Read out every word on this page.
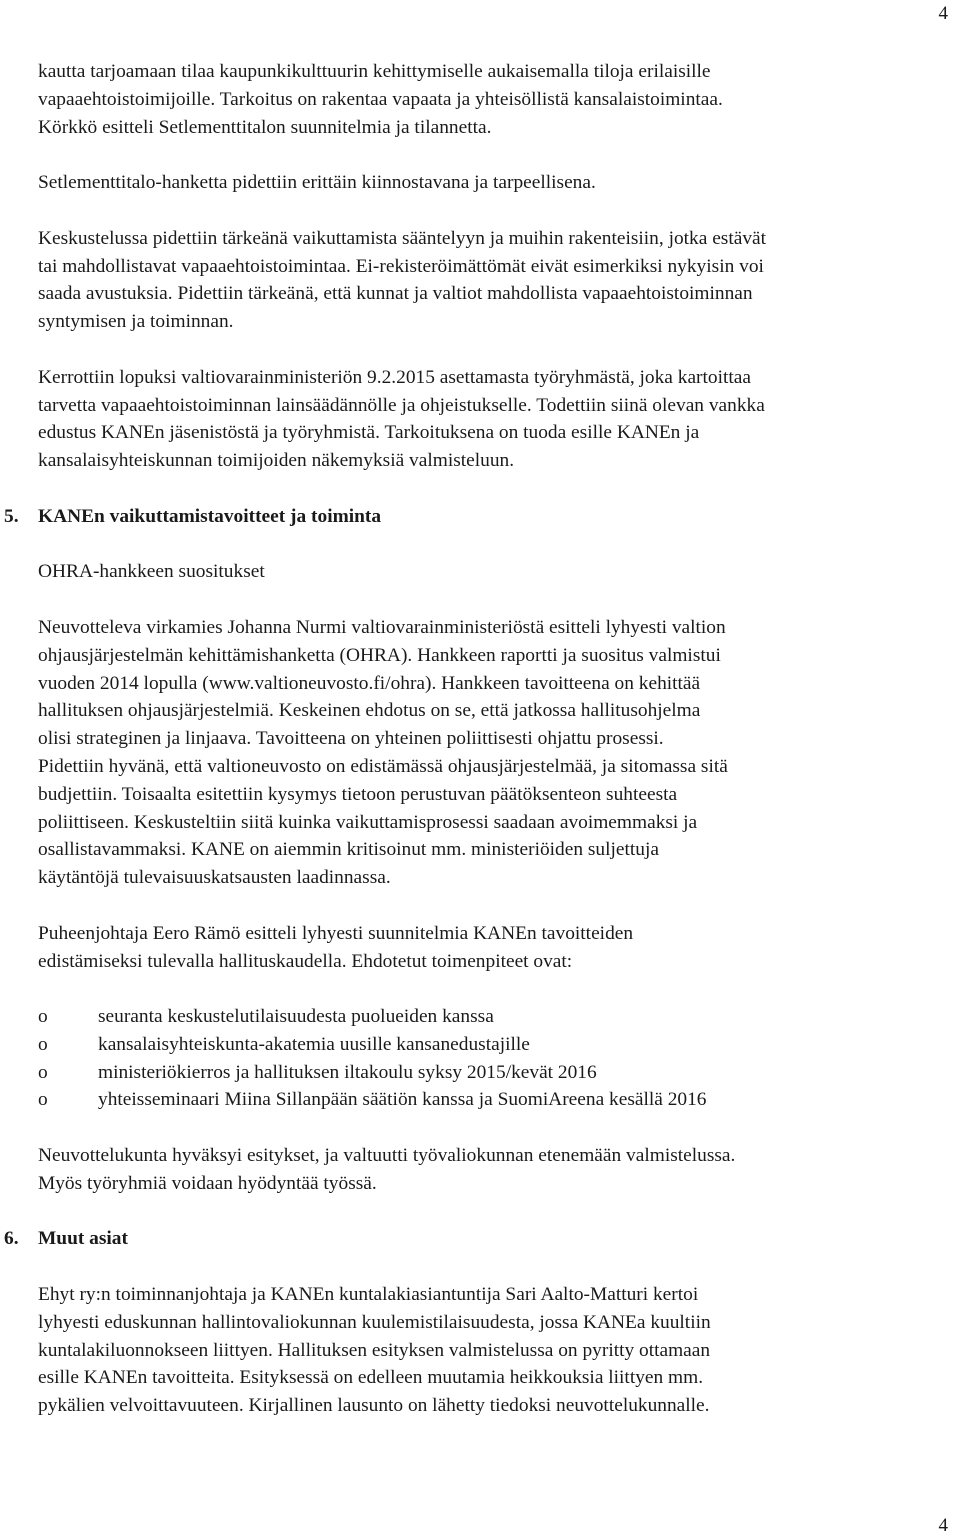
4

kautta tarjoamaan tilaa kaupunkikulttuurin kehittymiselle aukaisemalla tiloja erilaisille
vapaaehtoistoimijoille. Tarkoitus on rakentaa vapaata ja yhteisöllistä kansalaistoimintaa.
Körkkö esitteli Setlementtitalon suunnitelmia ja tilannetta.

Setlementtitalo-hanketta pidettiin erittäin kiinnostavana ja tarpeellisena.

Keskustelussa pidettiin tärkeänä vaikuttamista sääntelyyn ja muihin rakenteisiin, jotka estävät
tai mahdollistavat vapaaehtoistoimintaa. Ei-rekisteröimättömät eivät esimerkiksi nykyisin voi
saada avustuksia. Pidettiin tärkeänä, että kunnat ja valtiot mahdollista vapaaehtoistoiminnan
syntymisen ja toiminnan.

Kerrottiin lopuksi valtiovarainministeriön 9.2.2015 asettamasta työryhmästä, joka kartoittaa
tarvetta vapaaehtoistoiminnan lainsäädännölle ja ohjeistukselle. Todettiin siinä olevan vankka
edustus KANEn jäsenistöstä ja työryhmistä. Tarkoituksena on tuoda esille KANEn ja
kansalaisyhteiskunnan toimijoiden näkemyksiä valmisteluun.

5. KANEn vaikuttamistavoitteet ja toiminta

OHRA-hankkeen suositukset

Neuvotteleva virkamies Johanna Nurmi valtiovarainministeriöstä esitteli lyhyesti valtion
ohjausjärjestelmän kehittämishanketta (OHRA). Hankkeen raportti ja suositus valmistui
vuoden 2014 lopulla (www.valtioneuvosto.fi/ohra). Hankkeen tavoitteena on kehittää
hallituksen ohjausjärjestelmiä. Keskeinen ehdotus on se, että jatkossa hallitusohjelma
olisi strateginen ja linjaava. Tavoitteena on yhteinen poliittisesti ohjattu prosessi.
Pidettiin hyvänä, että valtioneuvosto on edistämässä ohjausjärjestelmää, ja sitomassa sitä
budjettiin. Toisaalta esitettiin kysymys tietoon perustuvan päätöksenteon suhteesta
poliittiseen. Keskusteltiin siitä kuinka vaikuttamisprosessi saadaan avoimemmaksi ja
osallistavammaksi. KANE on aiemmin kritisoinut mm. ministeriöiden suljettuja
käytäntöjä tulevaisuuskatsausten laadinnassa.

Puheenjohtaja Eero Rämö esitteli lyhyesti suunnitelmia KANEn tavoitteiden
edistämiseksi tulevalla hallituskaudella. Ehdotetut toimenpiteet ovat:

o	seuranta keskustelutilaisuudesta puolueiden kanssa
o	kansalaisyhteiskunta-akatemia uusille kansanedustajille
o	ministeriökierros ja hallituksen iltakoulu syksy 2015/kevät 2016
o	yhteisseminaari Miina Sillanpään säätiön kanssa ja SuomiAreena kesällä 2016

Neuvottelukunta hyväksyi esitykset, ja valtuutti työvaliokunnan etenemään valmistelussa.
Myös työryhmiä voidaan hyödyntää työssä.

6. Muut asiat

Ehyt ry:n toiminnanjohtaja ja KANEn kuntalakiasiantuntija Sari Aalto-Matturi kertoi
lyhyesti eduskunnan hallintovaliokunnan kuulemistilaisuudesta, jossa KANEa kuultiin
kuntalakiluonnokseen liittyen. Hallituksen esityksen valmistelussa on pyritty ottamaan
esille KANEn tavoitteita. Esityksessä on edelleen muutamia heikkouksia liittyen mm.
pykälien velvoittavuuteen. Kirjallinen lausunto on lähetty tiedoksi neuvottelukunnalle.

4
